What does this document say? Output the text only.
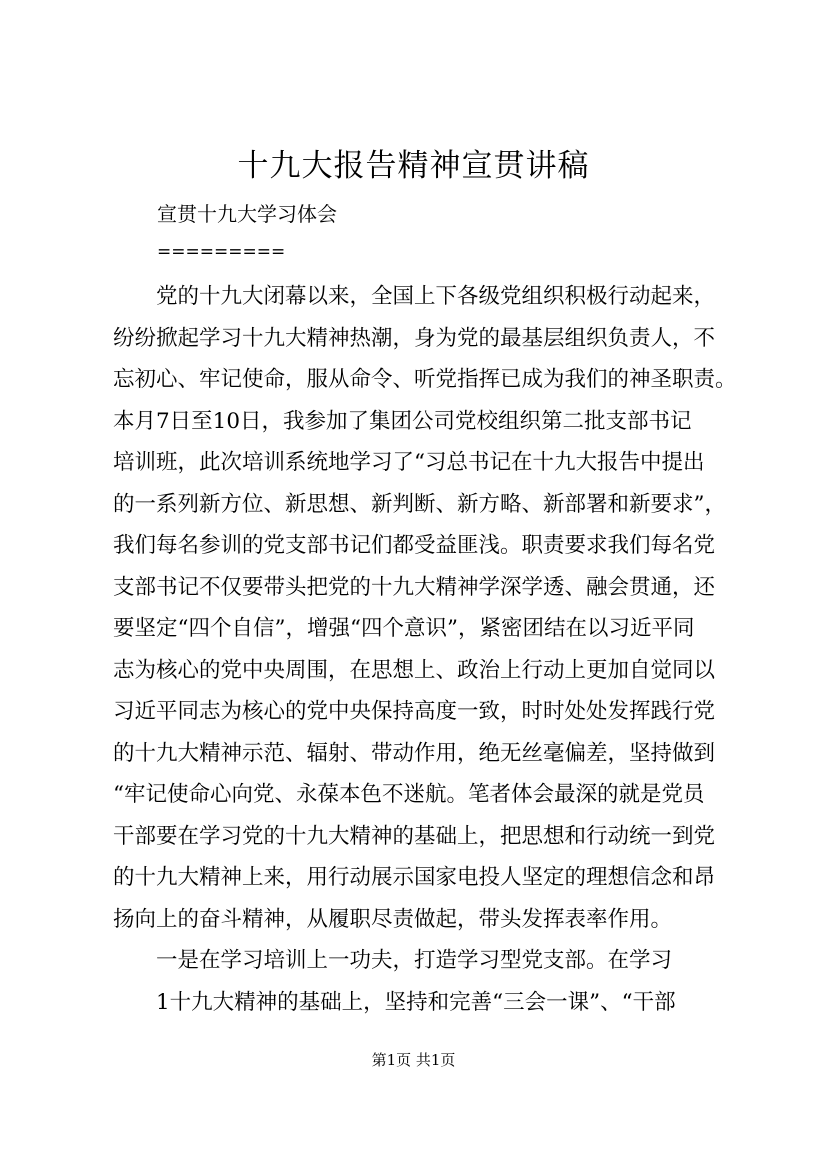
十九大报告精神宣贯讲稿
宣贯十九大学习体会
=========
党的十九大闭幕以来，全国上下各级党组织积极行动起来，
纷纷掀起学习十九大精神热潮，身为党的最基层组织负责人，不
忘初心、牢记使命，服从命令、听党指挥已成为我们的神圣职责。
本月7日至10日，我参加了集团公司党校组织第二批支部书记
培训班，此次培训系统地学习了“习总书记在十九大报告中提出
的一系列新方位、新思想、新判断、新方略、新部署和新要求”，
我们每名参训的党支部书记们都受益匪浅。职责要求我们每名党
支部书记不仅要带头把党的十九大精神学深学透、融会贯通，还
要坚定“四个自信”，增强“四个意识”，紧密团结在以习近平同
志为核心的党中央周围，在思想上、政治上行动上更加自觉同以
习近平同志为核心的党中央保持高度一致，时时处处发挥践行党
的十九大精神示范、辐射、带动作用，绝无丝毫偏差，坚持做到
“牢记使命心向党、永葆本色不迷航。笔者体会最深的就是党员
干部要在学习党的十九大精神的基础上，把思想和行动统一到党
的十九大精神上来，用行动展示国家电投人坚定的理想信念和昂
扬向上的奋斗精神，从履职尽责做起，带头发挥表率作用。
一是在学习培训上一功夫，打造学习型党支部。在学习
1十九大精神的基础上，坚持和完善“三会一课”、“干部
第1页 共1页
